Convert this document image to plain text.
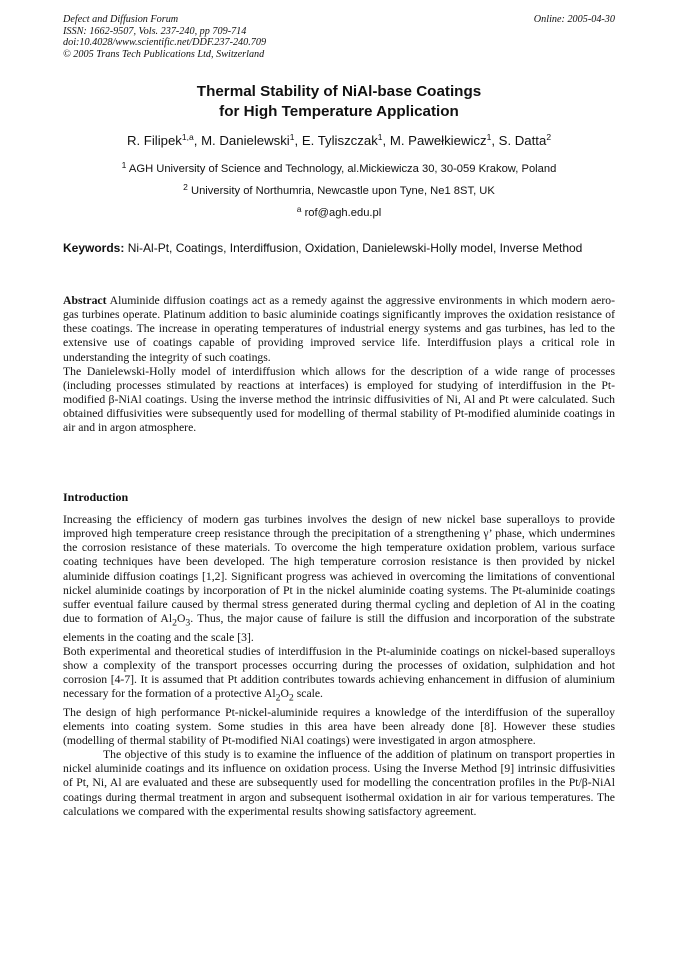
Defect and Diffusion Forum
ISSN: 1662-9507, Vols. 237-240, pp 709-714
doi:10.4028/www.scientific.net/DDF.237-240.709
© 2005 Trans Tech Publications Ltd, Switzerland
Online: 2005-04-30
Thermal Stability of NiAl-base Coatings
for High Temperature Application
R. Filipek$^{1,a}$, M. Danielewski$^1$, E. Tyliszczak$^1$, M. Pawełkiewicz$^1$, S. Datta$^2$
$^1$ AGH University of Science and Technology, al.Mickiewicza 30, 30-059 Krakow, Poland
$^2$ University of Northumria, Newcastle upon Tyne, Ne1 8ST, UK
$^a$ rof@agh.edu.pl
Keywords: Ni-Al-Pt, Coatings, Interdiffusion, Oxidation, Danielewski-Holly model, Inverse Method

Abstract Aluminide diffusion coatings act as a remedy against the aggressive environments in which modern aero-gas turbines operate. Platinum addition to basic aluminide coatings significantly improves the oxidation resistance of these coatings. The increase in operating temperatures of industrial energy systems and gas turbines, has led to the extensive use of coatings capable of providing improved service life. Interdiffusion plays a critical role in understanding the integrity of such coatings.

The Danielewski-Holly model of interdiffusion which allows for the description of a wide range of processes (including processes stimulated by reactions at interfaces) is employed for studying of interdiffusion in the Pt-modified β-NiAl coatings. Using the inverse method the intrinsic diffusivities of Ni, Al and Pt were calculated. Such obtained diffusivities were subsequently used for modelling of thermal stability of Pt-modified aluminide coatings in air and in argon atmosphere.

Introduction

Increasing the efficiency of modern gas turbines involves the design of new nickel base superalloys to provide improved high temperature creep resistance through the precipitation of a strengthening γ’ phase, which undermines the corrosion resistance of these materials. To overcome the high temperature oxidation problem, various surface coating techniques have been developed. The high temperature corrosion resistance is then provided by nickel aluminide diffusion coatings [1,2]. Significant progress was achieved in overcoming the limitations of conventional nickel aluminide coatings by incorporation of Pt in the nickel aluminide coating systems. The Pt-aluminide coatings suffer eventual failure caused by thermal stress generated during thermal cycling and depletion of Al in the coating due to formation of $Al_2O_3$. Thus, the major cause of failure is still the diffusion and incorporation of the substrate elements in the coating and the scale [3].

Both experimental and theoretical studies of interdiffusion in the Pt-aluminide coatings on nickel-based superalloys show a complexity of the transport processes occurring during the processes of oxidation, sulphidation and hot corrosion [4-7]. It is assumed that Pt addition contributes towards achieving enhancement in diffusion of aluminium necessary for the formation of a protective $Al_2O_2$ scale.

The design of high performance Pt-nickel-aluminide requires a knowledge of the interdiffusion of the superalloy elements into coating system. Some studies in this area have been already done [8]. However these studies (modelling of thermal stability of Pt-modified NiAl coatings) were investigated in argon atmosphere.

The objective of this study is to examine the influence of the addition of platinum on transport properties in nickel aluminide coatings and its influence on oxidation process. Using the Inverse Method [9] intrinsic diffusivities of Pt, Ni, Al are evaluated and these are subsequently used for modelling the concentration profiles in the Pt/β-NiAl coatings during thermal treatment in argon and subsequent isothermal oxidation in air for various temperatures. The calculations we compared with the experimental results showing satisfactory agreement.
